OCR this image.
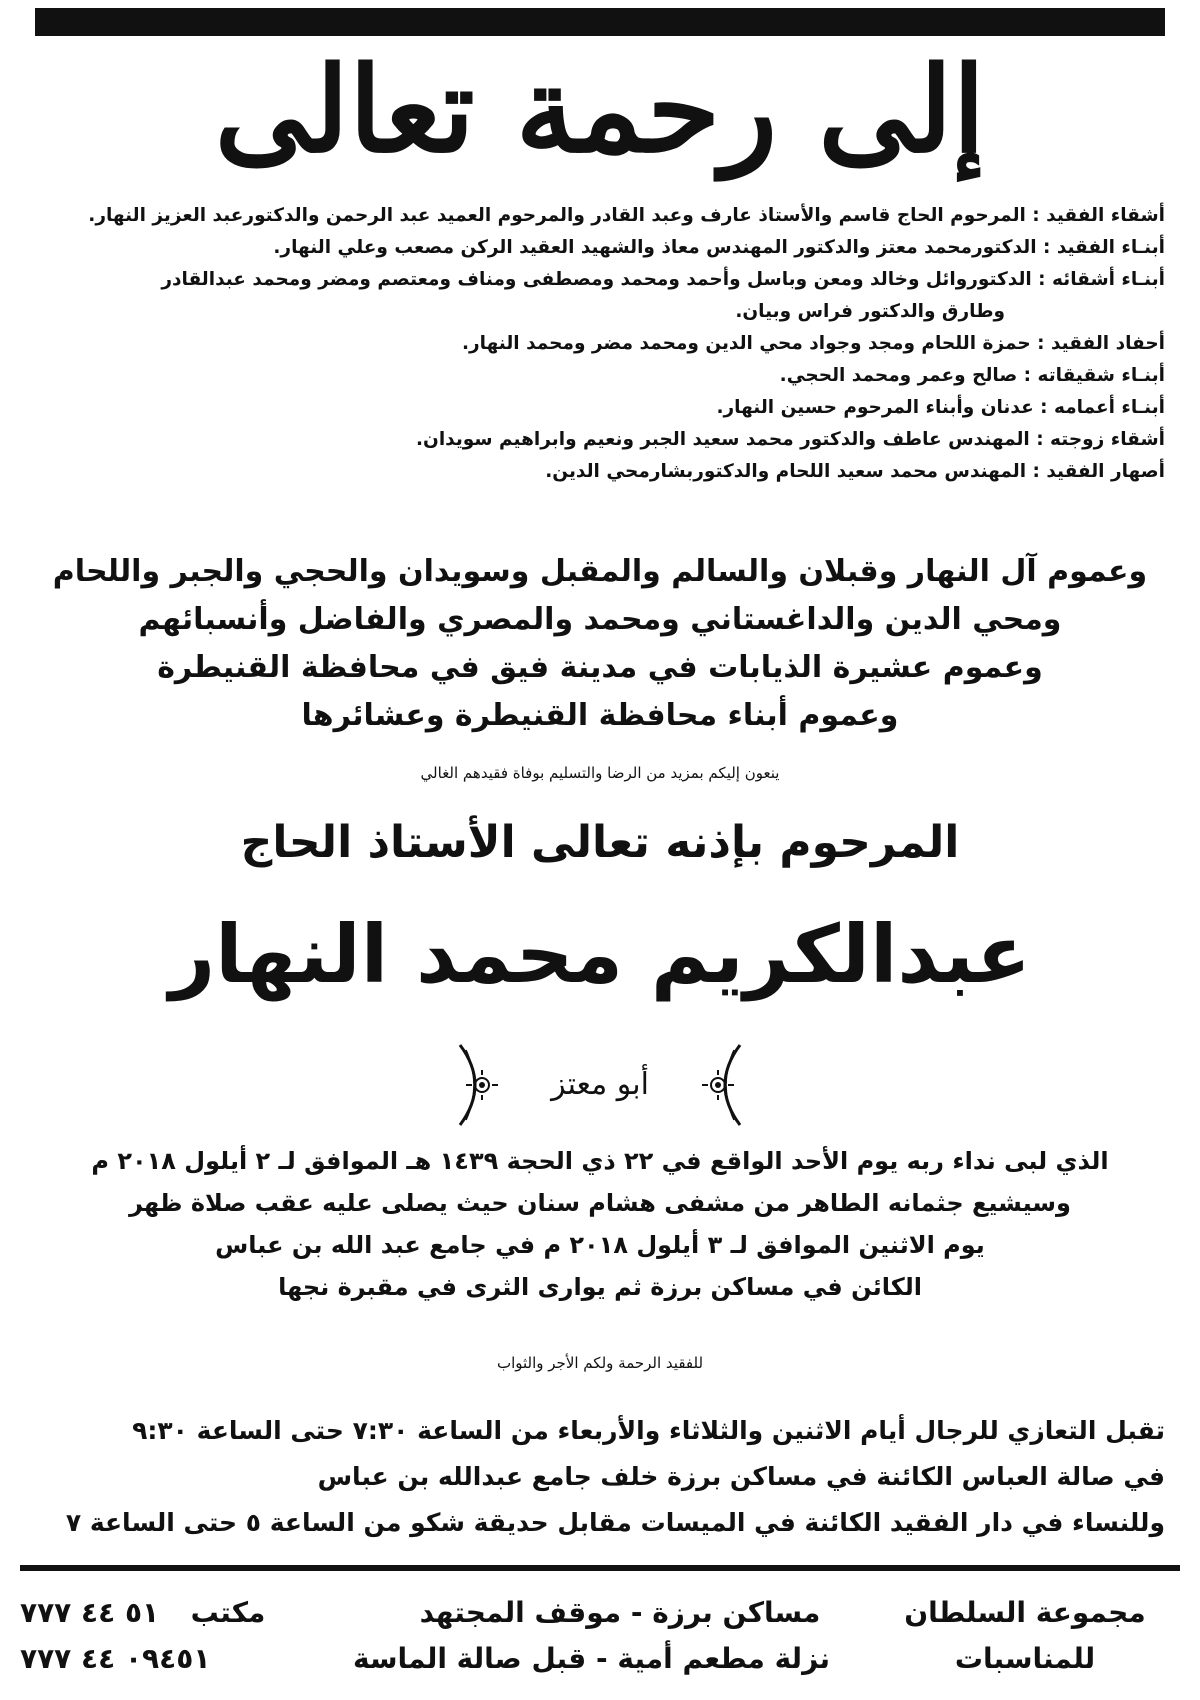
إلى رحمة تعالى
أشقاء الفقيد : المرحوم الحاج قاسم والأستاذ عارف وعبد القادر والمرحوم العميد عبد الرحمن والدكتورعبد العزيز النهار.
أبنـاء الفقيد : الدكتورمحمد معتز والدكتور المهندس معاذ والشهيد العقيد الركن مصعب وعلي النهار.
أبنـاء أشقائه : الدكتوروائل وخالد ومعن وباسل وأحمد ومحمد ومصطفى ومناف ومعتصم ومضر ومحمد عبدالقادر
وطارق والدكتور فراس وبيان.
أحفاد الفقيد : حمزة اللحام ومجد وجواد محي الدين ومحمد مضر ومحمد النهار.
أبنـاء شقيقاته : صالح وعمر ومحمد الحجي.
أبنـاء أعمامه : عدنان وأبناء المرحوم حسين النهار.
أشقاء زوجته : المهندس عاطف والدكتور محمد سعيد الجبر ونعيم وابراهيم سويدان.
أصهار الفقيد : المهندس محمد سعيد اللحام والدكتوربشارمحي الدين.
وعموم آل النهار وقبلان والسالم والمقبل وسويدان والحجي والجبر واللحام
ومحي الدين والداغستاني ومحمد والمصري والفاضل وأنسبائهم
وعموم عشيرة الذيابات في مدينة فيق في محافظة القنيطرة
وعموم أبناء محافظة القنيطرة وعشائرها
ينعون إليكم بمزيد من الرضا والتسليم بوفاة فقيدهم الغالي
المرحوم بإذنه تعالى الأستاذ الحاج
عبدالكريم محمد النهار
أبو معتز
الذي لبى نداء ربه يوم الأحد الواقع في ٢٢ ذي الحجة ١٤٣٩ هـ الموافق لـ ٢ أيلول ٢٠١٨ م
وسيشيع جثمانه الطاهر من مشفى هشام سنان حيث يصلى عليه عقب صلاة ظهر
يوم الاثنين الموافق لـ ٣ أيلول ٢٠١٨ م في جامع عبد الله بن عباس
الكائن في مساكن برزة ثم يوارى الثرى في مقبرة نجها
للفقيد الرحمة ولكم الأجر والثواب
تقبل التعازي للرجال أيام الاثنين والثلاثاء والأربعاء من الساعة ٧:٣٠ حتى الساعة ٩:٣٠
في صالة العباس الكائنة في مساكن برزة خلف جامع عبدالله بن عباس
وللنساء في دار الفقيد الكائنة في الميسات مقابل حديقة شكو من الساعة ٥ حتى الساعة ٧
مجموعة السلطان
للمناسبات
مساكن برزة - موقف المجتهد
نزلة مطعم أمية - قبل صالة الماسة
مكتب  ٥١ ٤٤ ٧٧٧
٠٩٤٥١ ٤٤ ٧٧٧
